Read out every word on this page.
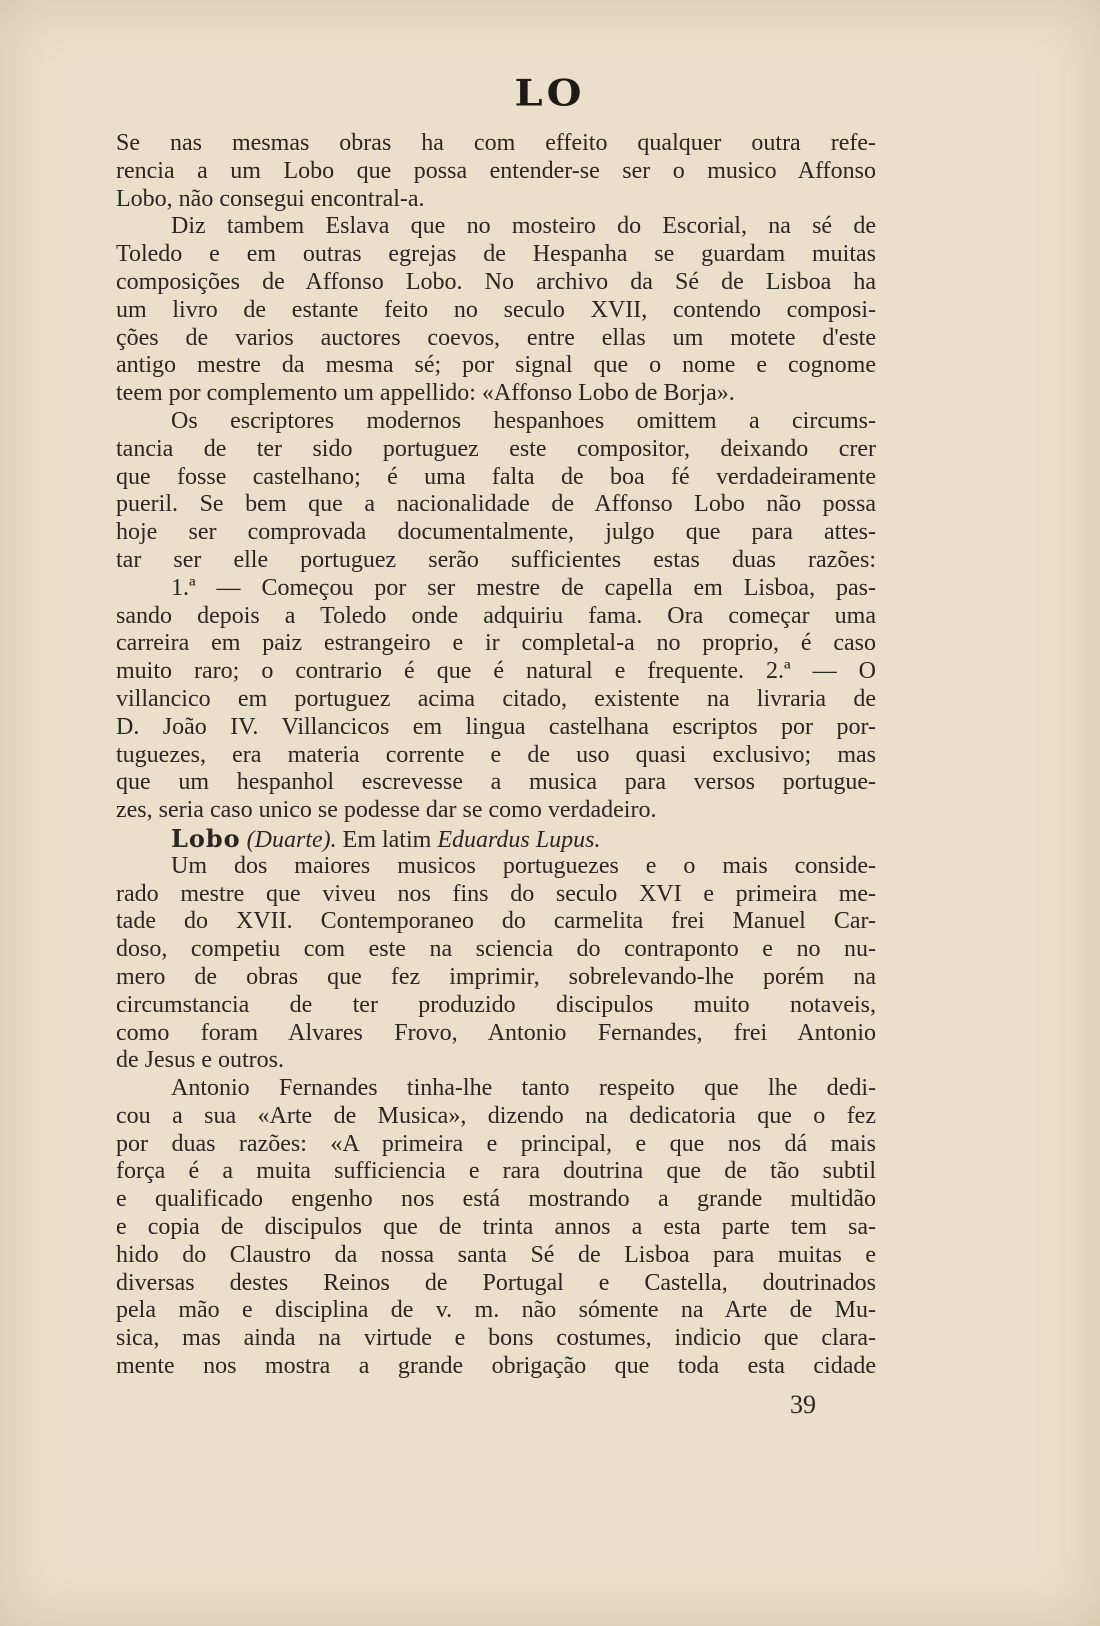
LO
Se nas mesmas obras ha com effeito qualquer outra refe-
rencia a um Lobo que possa entender-se ser o musico Affonso
Lobo, não consegui encontral-a.
Diz tambem Eslava que no mosteiro do Escorial, na sé de
Toledo e em outras egrejas de Hespanha se guardam muitas
composições de Affonso Lobo. No archivo da Sé de Lisboa ha
um livro de estante feito no seculo XVII, contendo composi-
ções de varios auctores coevos, entre ellas um motete d'este
antigo mestre da mesma sé; por signal que o nome e cognome
teem por complemento um appellido: «Affonso Lobo de Borja».
Os escriptores modernos hespanhoes omittem a circums-
tancia de ter sido portuguez este compositor, deixando crer
que fosse castelhano; é uma falta de boa fé verdadeiramente
pueril. Se bem que a nacionalidade de Affonso Lobo não possa
hoje ser comprovada documentalmente, julgo que para attes-
tar ser elle portuguez serão sufficientes estas duas razões:
1.ª — Começou por ser mestre de capella em Lisboa, pas-
sando depois a Toledo onde adquiriu fama. Ora começar uma
carreira em paiz estrangeiro e ir completal-a no proprio, é caso
muito raro; o contrario é que é natural e frequente. 2.ª — O
villancico em portuguez acima citado, existente na livraria de
D. João IV. Villancicos em lingua castelhana escriptos por por-
tuguezes, era materia corrente e de uso quasi exclusivo; mas
que um hespanhol escrevesse a musica para versos portugue-
zes, seria caso unico se podesse dar se como verdadeiro.
Lobo (Duarte). Em latim Eduardus Lupus.
Um dos maiores musicos portuguezes e o mais conside-
rado mestre que viveu nos fins do seculo XVI e primeira me-
tade do XVII. Contemporaneo do carmelita frei Manuel Car-
doso, competiu com este na sciencia do contraponto e no nu-
mero de obras que fez imprimir, sobrelevando-lhe porém na
circumstancia de ter produzido discipulos muito notaveis,
como foram Alvares Frovo, Antonio Fernandes, frei Antonio
de Jesus e outros.
Antonio Fernandes tinha-lhe tanto respeito que lhe dedi-
cou a sua «Arte de Musica», dizendo na dedicatoria que o fez
por duas razões: «A primeira e principal, e que nos dá mais
força é a muita sufficiencia e rara doutrina que de tão subtil
e qualificado engenho nos está mostrando a grande multidão
e copia de discipulos que de trinta annos a esta parte tem sa-
hido do Claustro da nossa santa Sé de Lisboa para muitas e
diversas destes Reinos de Portugal e Castella, doutrinados
pela mão e disciplina de v. m. não sómente na Arte de Mu-
sica, mas ainda na virtude e bons costumes, indicio que clara-
mente nos mostra a grande obrigação que toda esta cidade
39
